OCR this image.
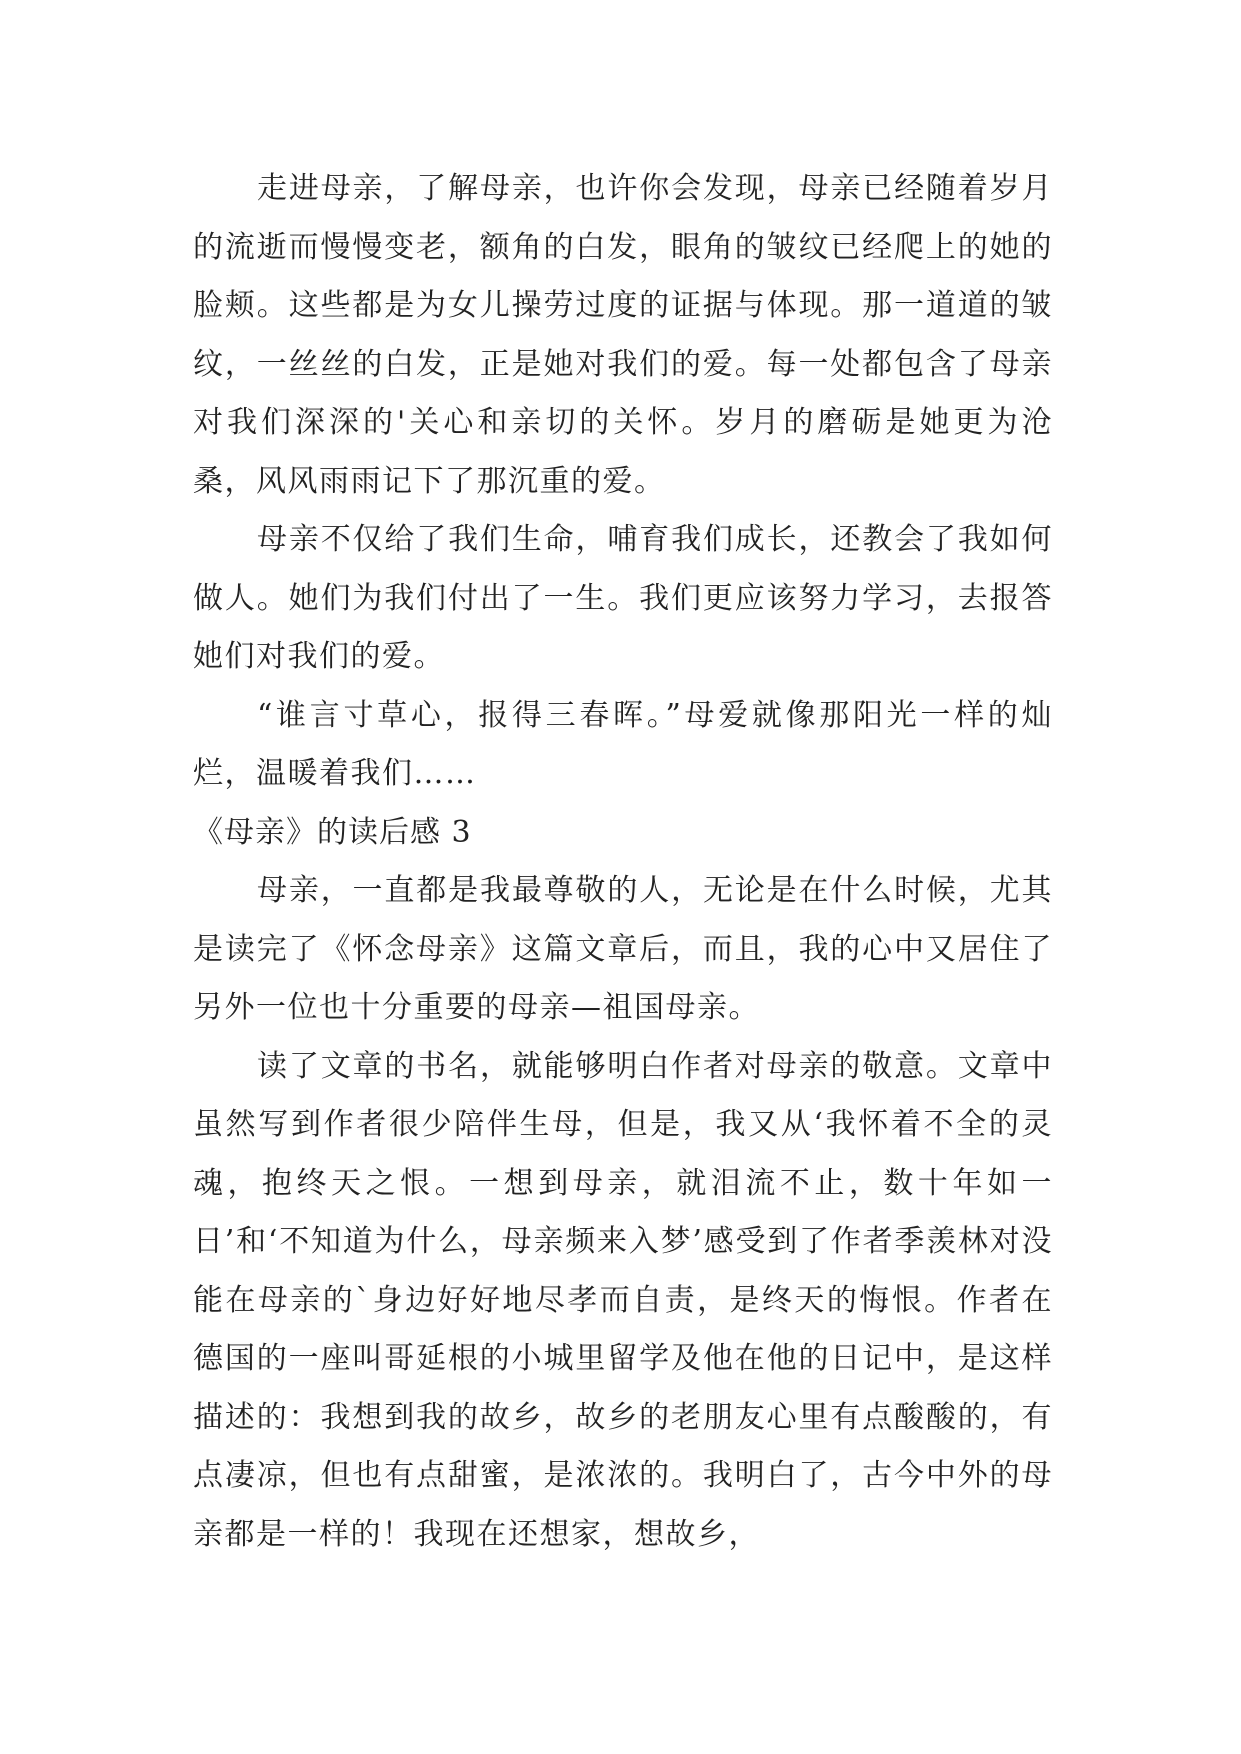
走进母亲，了解母亲，也许你会发现，母亲已经随着岁月的流逝而慢慢变老，额角的白发，眼角的皱纹已经爬上的她的脸颊。这些都是为女儿操劳过度的证据与体现。那一道道的皱纹，一丝丝的白发，正是她对我们的爱。每一处都包含了母亲对我们深深的'关心和亲切的关怀。岁月的磨砺是她更为沧桑，风风雨雨记下了那沉重的爱。

母亲不仅给了我们生命，哺育我们成长，还教会了我如何做人。她们为我们付出了一生。我们更应该努力学习，去报答她们对我们的爱。

“谁言寸草心，报得三春晖。”母爱就像那阳光一样的灿烂，温暖着我们……

《母亲》的读后感 3

母亲，一直都是我最尊敬的人，无论是在什么时候，尤其是读完了《怀念母亲》这篇文章后，而且，我的心中又居住了另外一位也十分重要的母亲—祖国母亲。

读了文章的书名，就能够明白作者对母亲的敬意。文章中虽然写到作者很少陪伴生母，但是，我又从‘我怀着不全的灵魂，抱终天之恨。一想到母亲，就泪流不止，数十年如一日’和‘不知道为什么，母亲频来入梦’感受到了作者季羡林对没能在母亲的`身边好好地尽孝而自责，是终天的悔恨。作者在德国的一座叫哥延根的小城里留学及他在他的日记中，是这样描述的：我想到我的故乡，故乡的老朋友心里有点酸酸的，有点凄凉，但也有点甜蜜，是浓浓的。我明白了，古今中外的母亲都是一样的！我现在还想家，想故乡，
